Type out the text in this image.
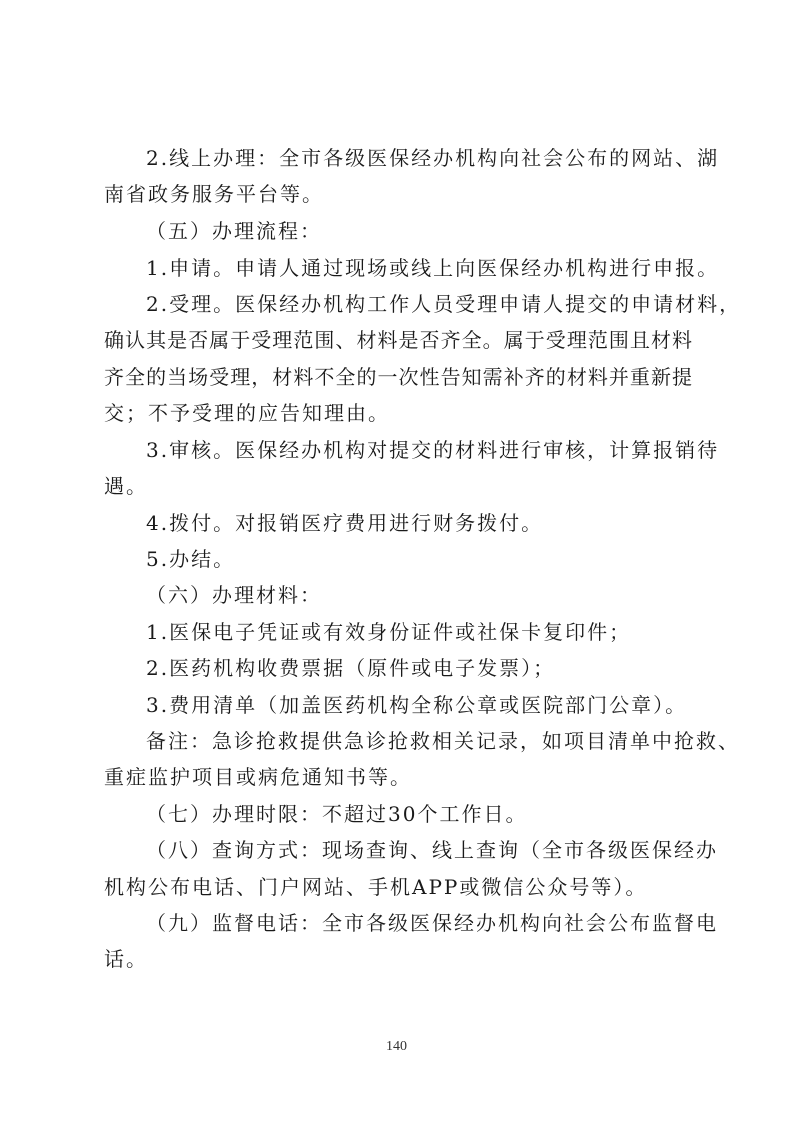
2.线上办理：全市各级医保经办机构向社会公布的网站、湖
南省政务服务平台等。
（五）办理流程：
1.申请。申请人通过现场或线上向医保经办机构进行申报。
2.受理。医保经办机构工作人员受理申请人提交的申请材料，
确认其是否属于受理范围、材料是否齐全。属于受理范围且材料
齐全的当场受理，材料不全的一次性告知需补齐的材料并重新提
交；不予受理的应告知理由。
3.审核。医保经办机构对提交的材料进行审核，计算报销待
遇。
4.拨付。对报销医疗费用进行财务拨付。
5.办结。
（六）办理材料：
1.医保电子凭证或有效身份证件或社保卡复印件；
2.医药机构收费票据（原件或电子发票）；
3.费用清单（加盖医药机构全称公章或医院部门公章）。
备注：急诊抢救提供急诊抢救相关记录，如项目清单中抢救、
重症监护项目或病危通知书等。
（七）办理时限：不超过30个工作日。
（八）查询方式：现场查询、线上查询（全市各级医保经办
机构公布电话、门户网站、手机APP或微信公众号等）。
（九）监督电话：全市各级医保经办机构向社会公布监督电
话。
140
